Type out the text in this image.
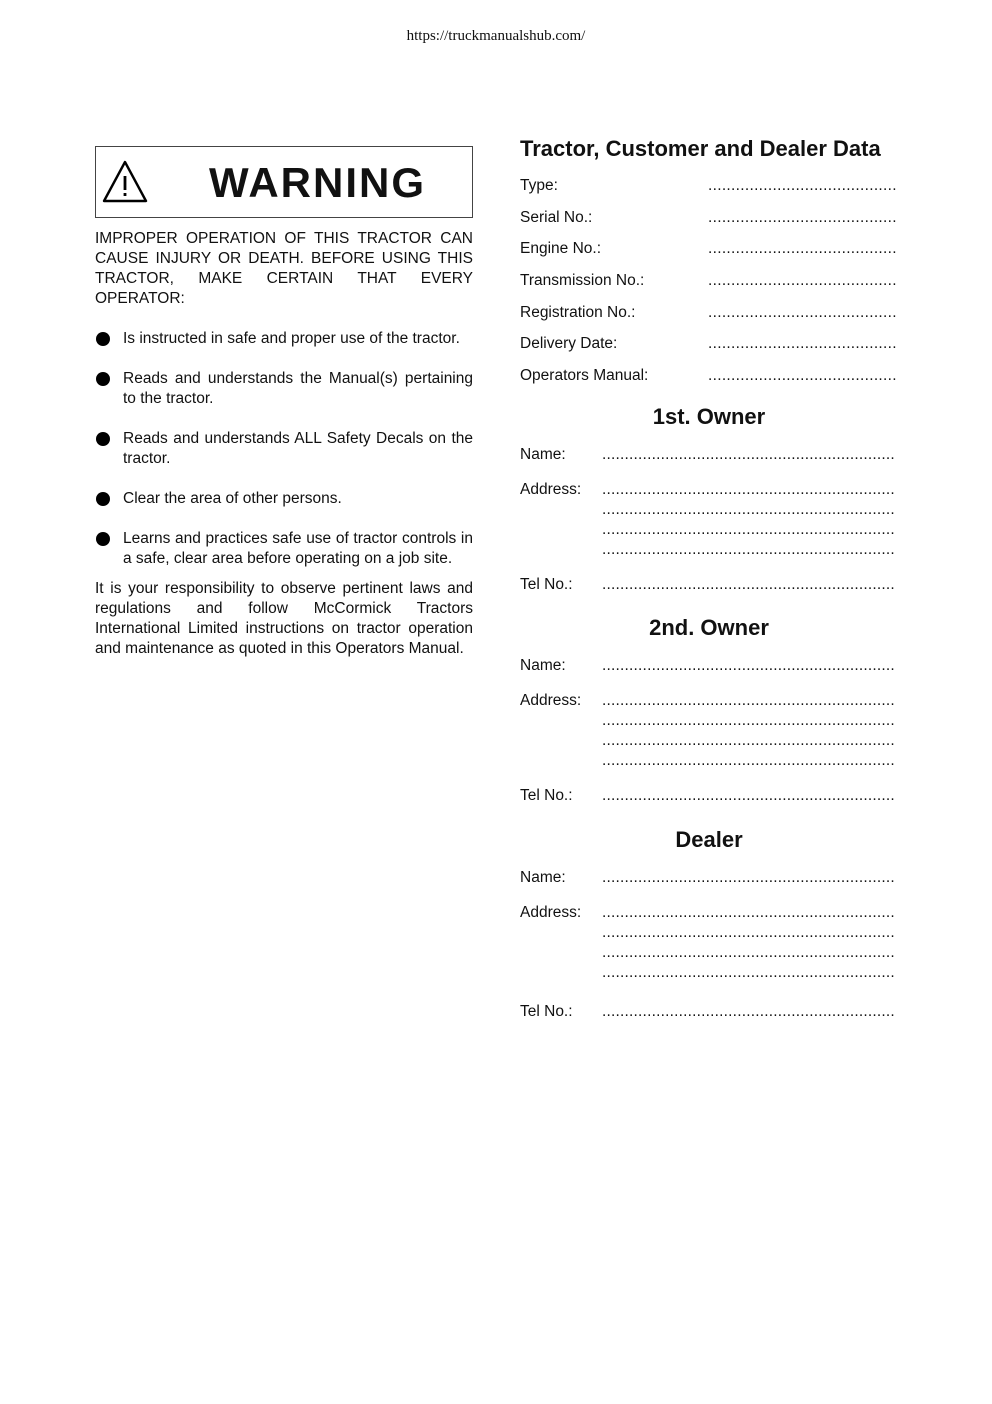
https://truckmanualshub.com/
WARNING

IMPROPER OPERATION OF THIS TRACTOR CAN CAUSE INJURY OR DEATH. BEFORE USING THIS TRACTOR, MAKE CERTAIN THAT EVERY OPERATOR:

Is instructed in safe and proper use of the tractor.
Reads and understands the Manual(s) pertaining to the tractor.
Reads and understands ALL Safety Decals on the tractor.
Clear the area of other persons.
Learns and practices safe use of tractor controls in a safe, clear area before operating on a job site.

It is your responsibility to observe pertinent laws and regulations and follow McCormick Tractors International Limited instructions on tractor operation and maintenance as quoted in this Operators Manual.

Tractor, Customer and Dealer Data
Type:	.........................................
Serial No.:	.........................................
Engine No.:	.........................................
Transmission No.:	.........................................
Registration No.:	.........................................
Delivery Date:	.........................................
Operators Manual:	.........................................
1st. Owner
Name: .................................................................
Address: .................................................................
.................................................................
.................................................................
.................................................................
Tel No.: .................................................................
2nd. Owner
Name: .................................................................
Address: .................................................................
.................................................................
.................................................................
.................................................................
Tel No.: .................................................................
Dealer
Name: .................................................................
Address: .................................................................
.................................................................
.................................................................
.................................................................
Tel No.: .................................................................
